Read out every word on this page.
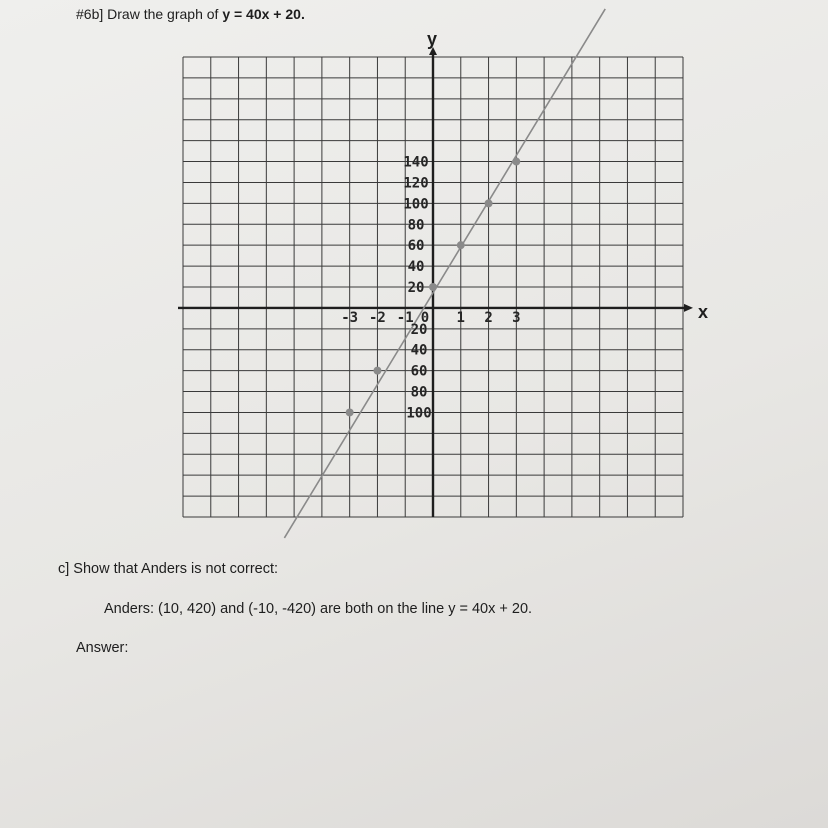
#6b] Draw the graph of y = 40x + 20.
x
y
-3 -2 -1 0 1 2 3
140
120
100
80
60
40
20
20
40
60
80
100
c] Show that Anders is not correct:
Anders: (10, 420) and (-10, -420) are both on the line y = 40x + 20.
Answer:
